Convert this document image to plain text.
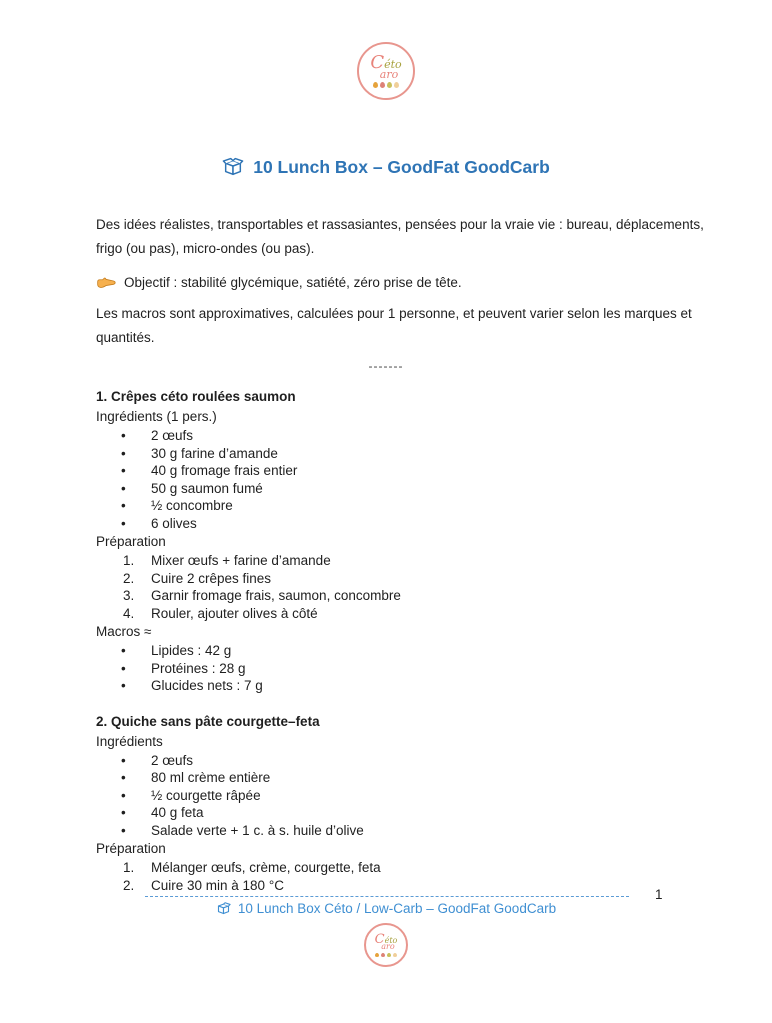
Céto
aro
10 Lunch Box – GoodFat GoodCarb

Des idées réalistes, transportables et rassasiantes, pensées pour la vraie vie : bureau, déplacements, frigo (ou pas), micro-ondes (ou pas).

Objectif : stabilité glycémique, satiété, zéro prise de tête.

Les macros sont approximatives, calculées pour 1 personne, et peuvent varier selon les marques et quantités.

-------
1. Crêpes céto roulées saumon
Ingrédients (1 pers.)
• 2 œufs
• 30 g farine d’amande
• 40 g fromage frais entier
• 50 g saumon fumé
• ½ concombre
• 6 olives
Préparation
Mixer œufs + farine d’amande
Cuire 2 crêpes fines
Garnir fromage frais, saumon, concombre
Rouler, ajouter olives à côté
Macros ≈
• Lipides : 42 g
• Protéines : 28 g
• Glucides nets : 7 g
2. Quiche sans pâte courgette–feta
Ingrédients
• 2 œufs
• 80 ml crème entière
• ½ courgette râpée
• 40 g feta
• Salade verte + 1 c. à s. huile d’olive
Préparation
Mélanger œufs, crème, courgette, feta
Cuire 30 min à 180 °C
1
10 Lunch Box Céto / Low-Carb – GoodFat GoodCarb
Céto
aro
